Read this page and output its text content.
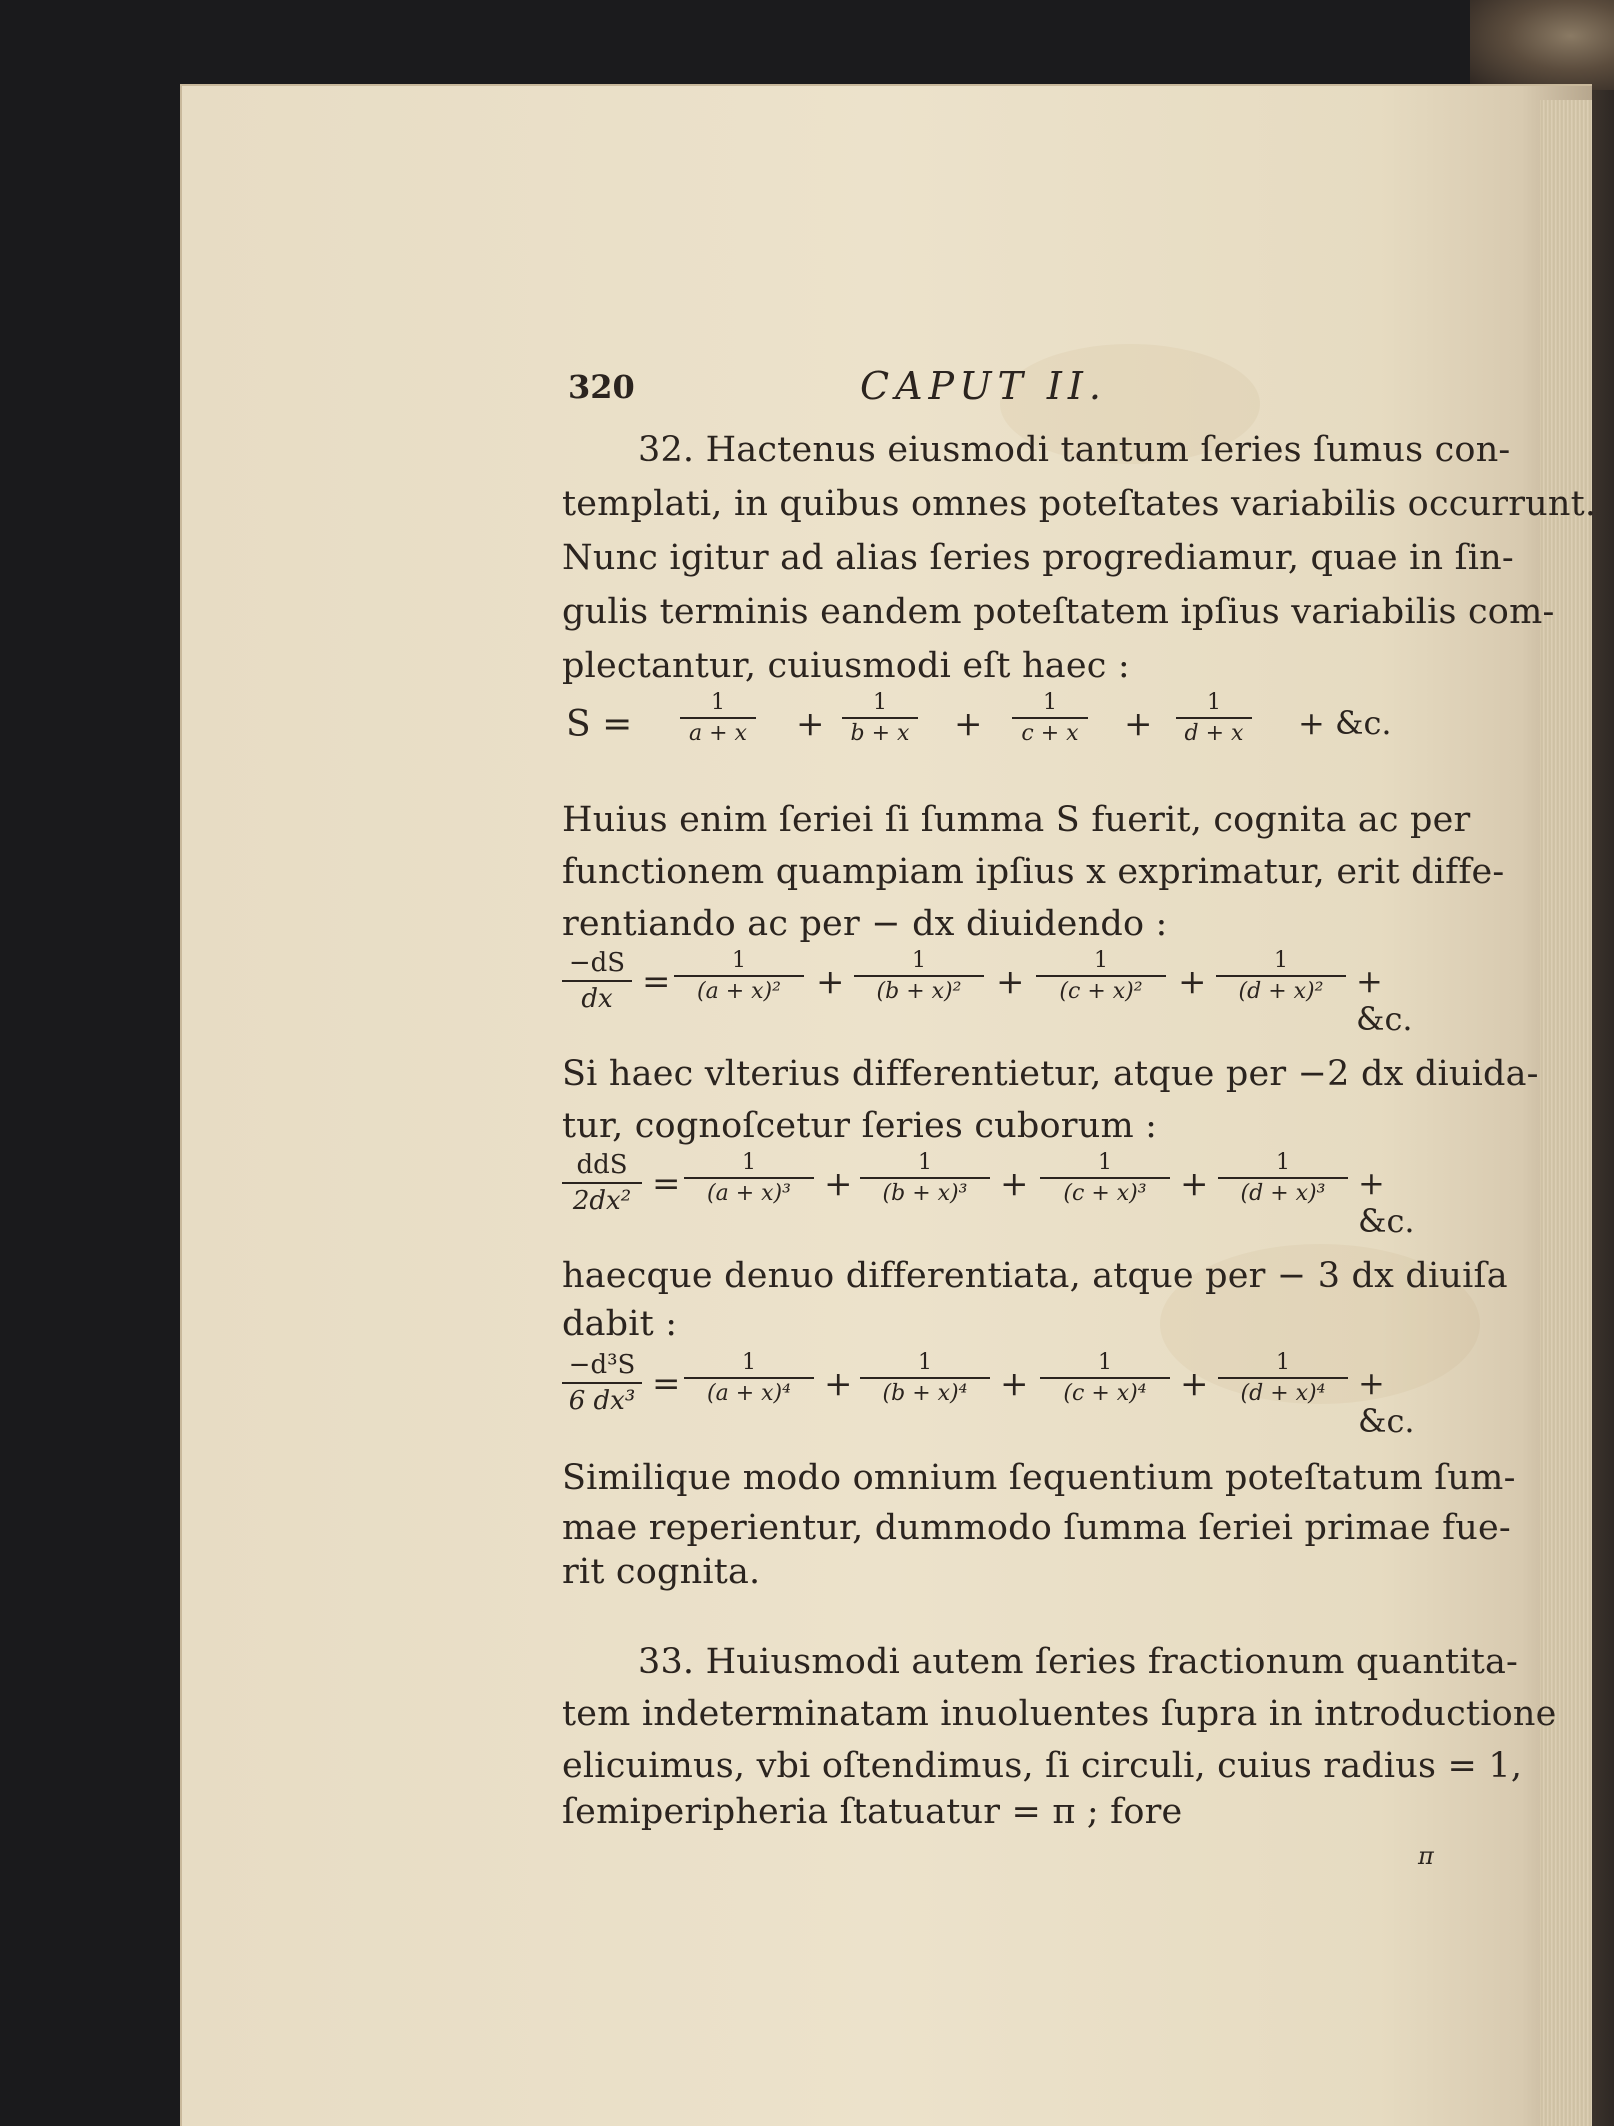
320	CAPUT II.
32. Hactenus eiusmodi tantum ſeries ſumus con-
templati, in quibus omnes poteſtates variabilis occurrunt.
Nunc igitur ad alias ſeries progrediamur, quae in ſin-
gulis terminis eandem poteſtatem ipſius variabilis com-
plectantur, cuiusmodi eſt haec :
S =
1
a + x +
1
b + x +
1
c + x +
1
d + x + &c.
Huius enim ſeriei ſi ſumma S fuerit, cognita ac per
functionem quampiam ipſius x exprimatur, erit diffe-
rentiando ac per − dx diuidendo :
−dS
dx =
1
(a + x)²	+
1
(b + x)²	+
1
(c + x)²	+
1
(d + x)²	+ &c.
Si haec vlterius differentietur, atque per −2 dx diuida-
tur, cognoſcetur ſeries cuborum :
ddS
2dx² =
1
(a + x)³ +
1
(b + x)³ +
1
(c + x)³ +
1
(d + x)³	+ &c.
haecque denuo differentiata, atque per − 3 dx diuiſa
dabit :
−d³S
6 dx³ =
1
(a + x)⁴ +
1
(b + x)⁴ +
1
(c + x)⁴ +
1
(d + x)⁴	+ &c.
Similique modo omnium ſequentium poteſtatum ſum-
mae reperientur, dummodo ſumma ſeriei primae fue-
rit cognita.
33. Huiusmodi autem ſeries fractionum quantita-
tem indeterminatam inuoluentes ſupra in introductione
elicuimus, vbi oſtendimus, ſi circuli, cuius radius = 1,
ſemiperipheria ſtatuatur = π ; fore
π
